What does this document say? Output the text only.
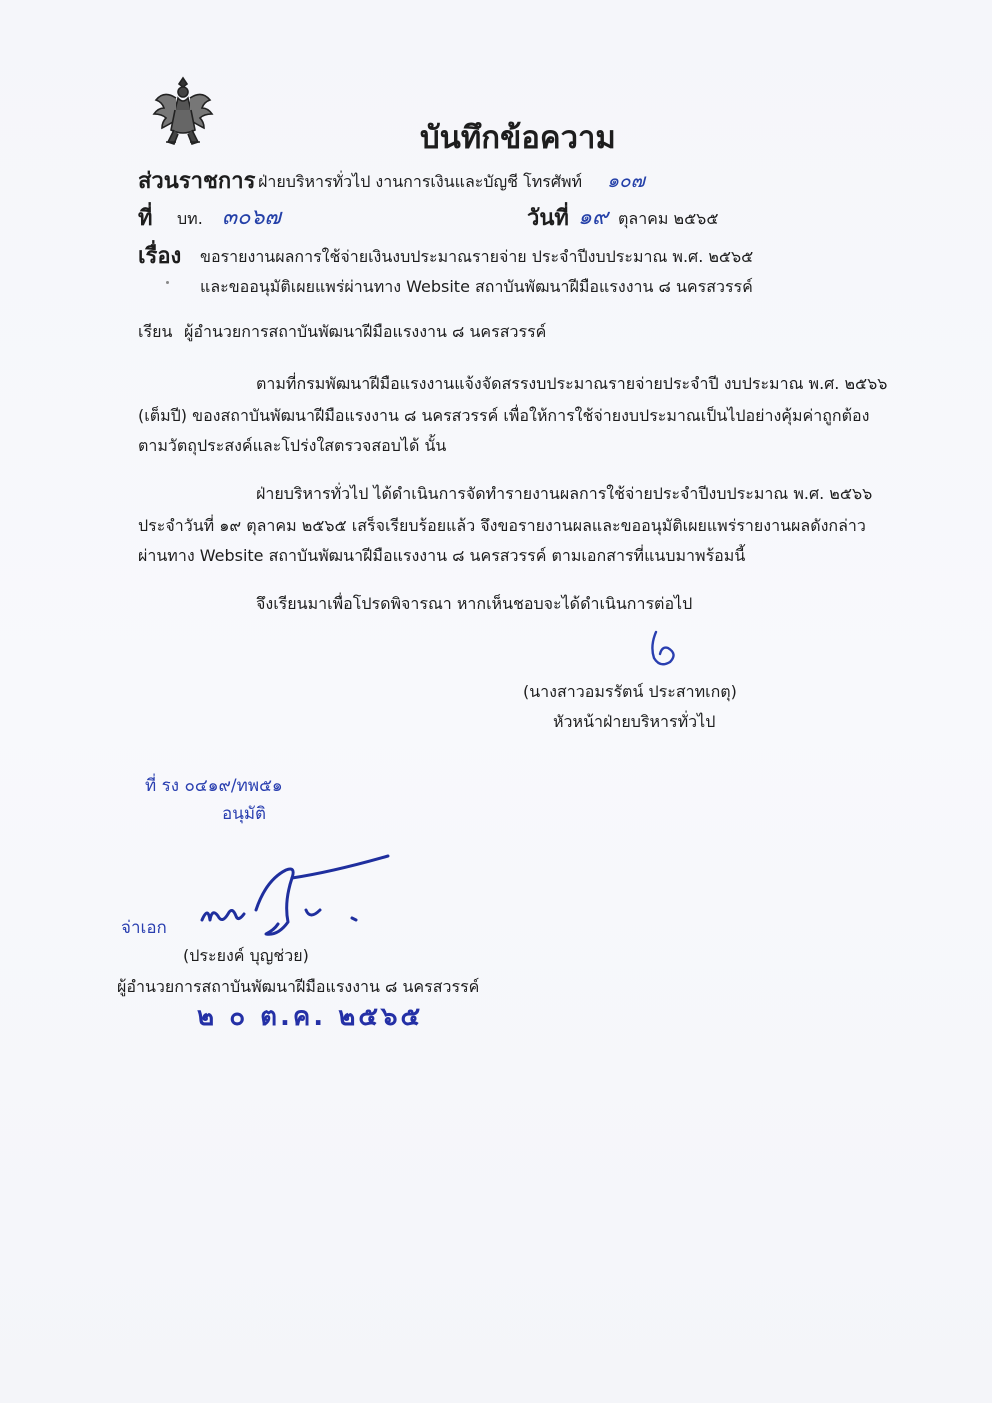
บันทึกข้อความ
ส่วนราชการ ฝ่ายบริหารทั่วไป งานการเงินและบัญชี โทรศัพท์ ๑๐๗
ที่ บท. ๓๐๖๗	วันที่ ๑๙ ตุลาคม ๒๕๖๕
เรื่อง ขอรายงานผลการใช้จ่ายเงินงบประมาณรายจ่าย ประจำปีงบประมาณ พ.ศ. ๒๕๖๕
และขออนุมัติเผยแพร่ผ่านทาง Website สถาบันพัฒนาฝีมือแรงงาน ๘ นครสวรรค์
เรียน ผู้อำนวยการสถาบันพัฒนาฝีมือแรงงาน ๘ นครสวรรค์
ตามที่กรมพัฒนาฝีมือแรงงานแจ้งจัดสรรงบประมาณรายจ่ายประจำปี งบประมาณ พ.ศ. ๒๕๖๖
(เต็มปี) ของสถาบันพัฒนาฝีมือแรงงาน ๘ นครสวรรค์ เพื่อให้การใช้จ่ายงบประมาณเป็นไปอย่างคุ้มค่าถูกต้อง
ตามวัตถุประสงค์และโปร่งใสตรวจสอบได้ นั้น
ฝ่ายบริหารทั่วไป ได้ดำเนินการจัดทำรายงานผลการใช้จ่ายประจำปีงบประมาณ พ.ศ. ๒๕๖๖
ประจำวันที่ ๑๙ ตุลาคม ๒๕๖๕ เสร็จเรียบร้อยแล้ว จึงขอรายงานผลและขออนุมัติเผยแพร่รายงานผลดังกล่าว
ผ่านทาง Website สถาบันพัฒนาฝีมือแรงงาน ๘ นครสวรรค์ ตามเอกสารที่แนบมาพร้อมนี้
จึงเรียนมาเพื่อโปรดพิจารณา หากเห็นชอบจะได้ดำเนินการต่อไป
(นางสาวอมรรัตน์ ประสาทเกตุ)
หัวหน้าฝ่ายบริหารทั่วไป
ที่ รง ๐๔๑๙/ทพ๕๑
อนุมัติ
จ่าเอก
(ประยงค์ บุญช่วย)
ผู้อำนวยการสถาบันพัฒนาฝีมือแรงงาน ๘ นครสวรรค์
๒ ๐ ต.ค. ๒๕๖๕
